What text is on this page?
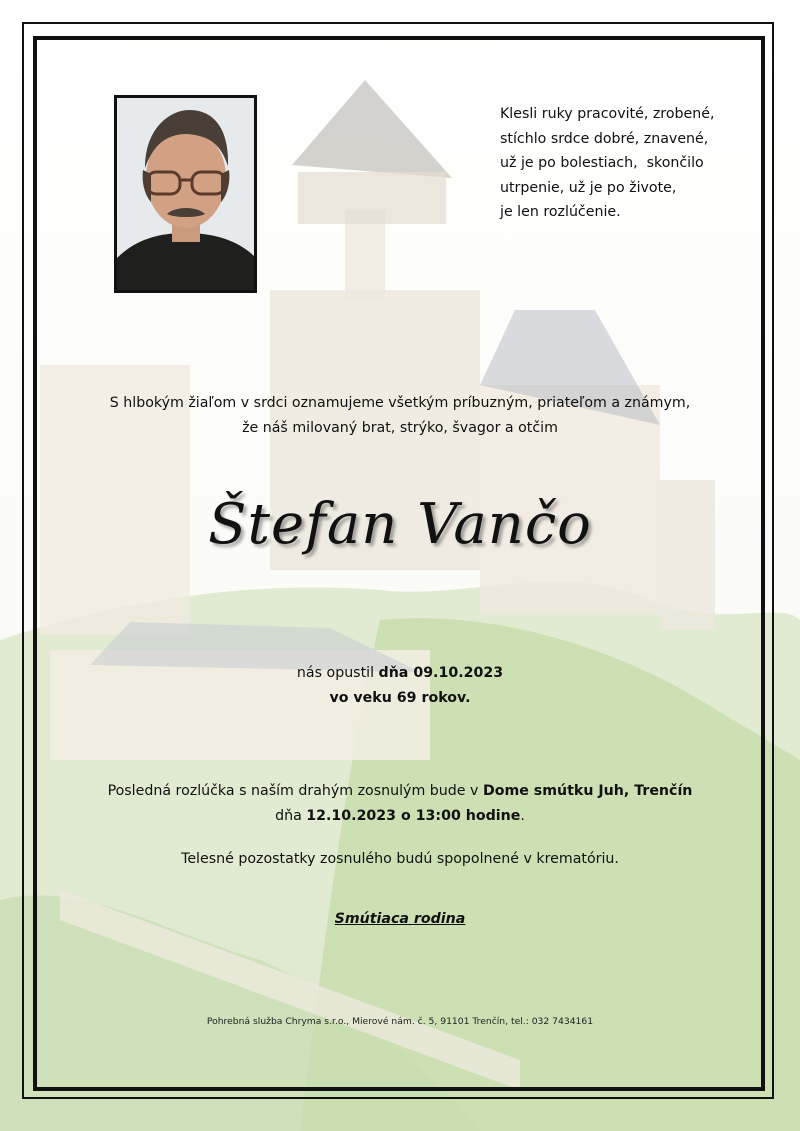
Klesli ruky pracovité, zrobené,
stíchlo srdce dobré, znavené,
už je po bolestiach,  skončilo
utrpenie, už je po živote,
je len rozlúčenie.
S hlbokým žiaľom v srdci oznamujeme všetkým príbuzným, priateľom a známym,
že náš milovaný brat, strýko, švagor a otčim
Štefan Vančo
nás opustil dňa 09.10.2023
vo veku 69 rokov.
Posledná rozlúčka s naším drahým zosnulým bude v Dome smútku Juh, Trenčín
dňa 12.10.2023 o 13:00 hodine.
Telesné pozostatky zosnulého budú spopolnené v krematóriu.
Smútiaca rodina
Pohrebná služba Chryma s.r.o., Mierové nám. č. 5, 91101 Trenčín, tel.: 032 7434161
